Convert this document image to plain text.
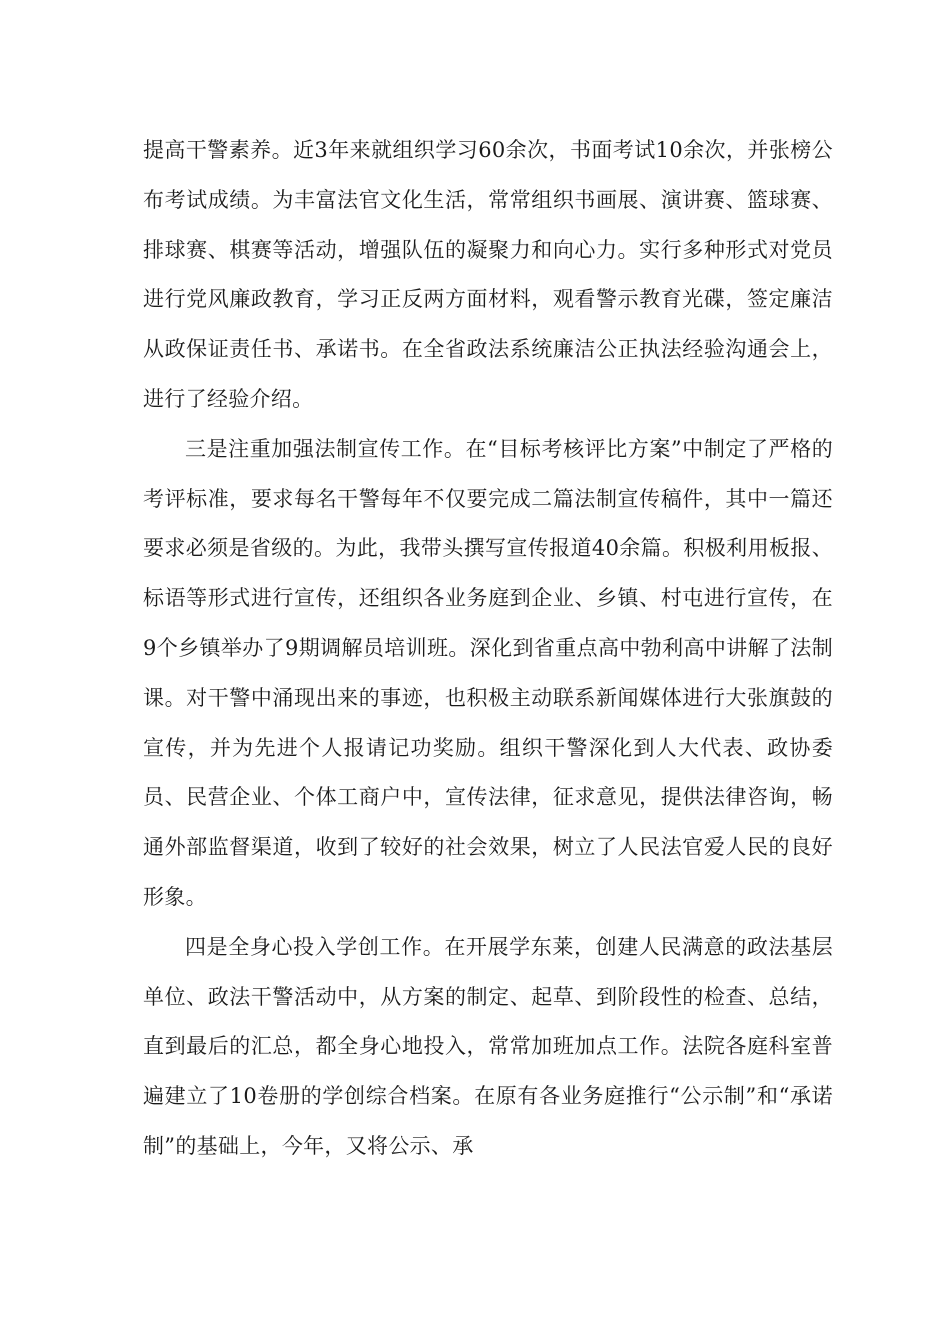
提高干警素养。近3年来就组织学习60余次，书面考试10余次，并张榜公布考试成绩。为丰富法官文化生活，常常组织书画展、演讲赛、篮球赛、排球赛、棋赛等活动，增强队伍的凝聚力和向心力。实行多种形式对党员进行党风廉政教育，学习正反两方面材料，观看警示教育光碟，签定廉洁从政保证责任书、承诺书。在全省政法系统廉洁公正执法经验沟通会上，进行了经验介绍。

三是注重加强法制宣传工作。在“目标考核评比方案”中制定了严格的考评标准，要求每名干警每年不仅要完成二篇法制宣传稿件，其中一篇还要求必须是省级的。为此，我带头撰写宣传报道40余篇。积极利用板报、标语等形式进行宣传，还组织各业务庭到企业、乡镇、村屯进行宣传，在9个乡镇举办了9期调解员培训班。深化到省重点高中勃利高中讲解了法制课。对干警中涌现出来的事迹，也积极主动联系新闻媒体进行大张旗鼓的宣传，并为先进个人报请记功奖励。组织干警深化到人大代表、政协委员、民营企业、个体工商户中，宣传法律，征求意见，提供法律咨询，畅通外部监督渠道，收到了较好的社会效果，树立了人民法官爱人民的良好形象。

四是全身心投入学创工作。在开展学东莱，创建人民满意的政法基层单位、政法干警活动中，从方案的制定、起草、到阶段性的检查、总结，直到最后的汇总，都全身心地投入，常常加班加点工作。法院各庭科室普遍建立了10卷册的学创综合档案。在原有各业务庭推行“公示制”和“承诺制”的基础上，今年，又将公示、承
